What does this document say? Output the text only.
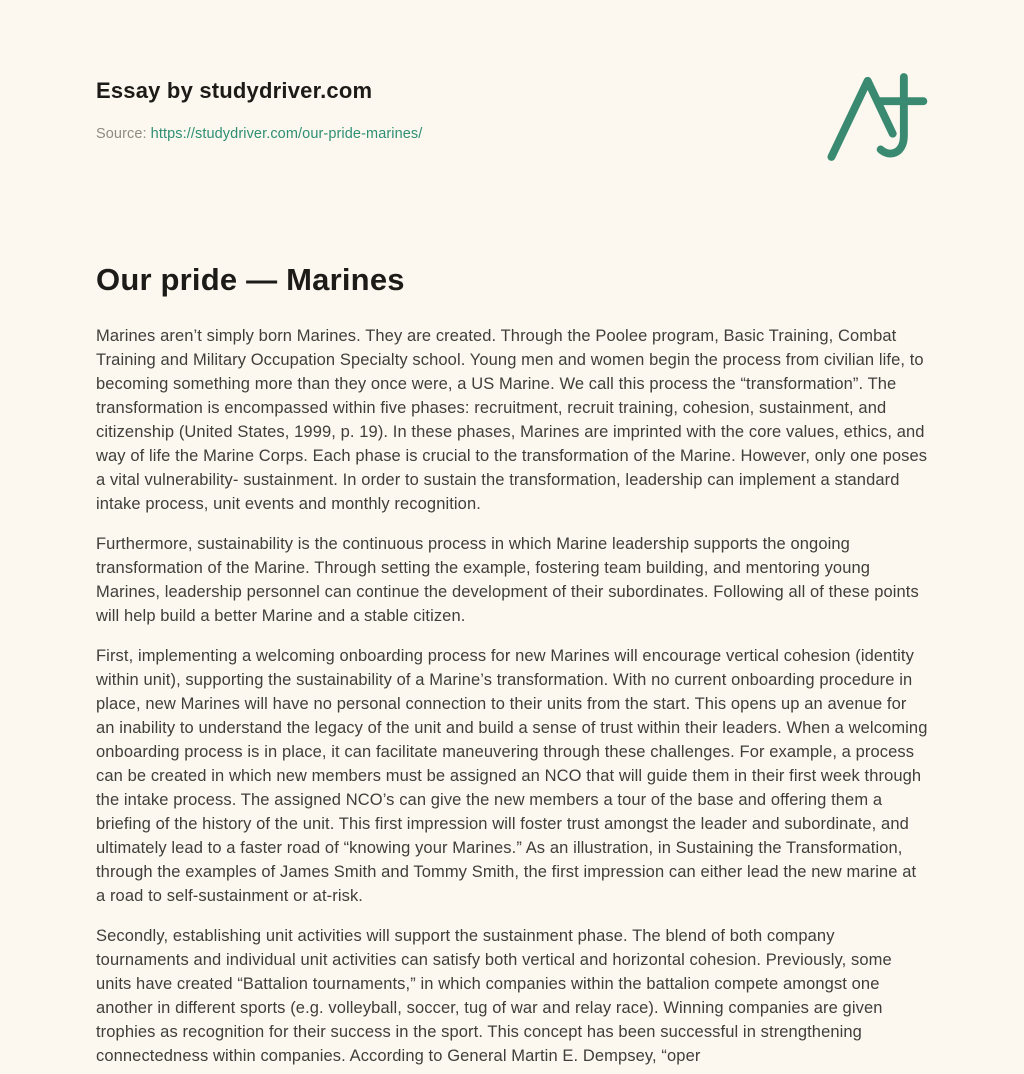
Essay by studydriver.com
Source: https://studydriver.com/our-pride-marines/
Our pride — Marines

Marines aren’t simply born Marines. They are created. Through the Poolee program, Basic Training, Combat Training and Military Occupation Specialty school. Young men and women begin the process from civilian life, to becoming something more than they once were, a US Marine. We call this process the “transformation”. The transformation is encompassed within five phases: recruitment, recruit training, cohesion, sustainment, and citizenship (United States, 1999, p. 19). In these phases, Marines are imprinted with the core values, ethics, and way of life the Marine Corps. Each phase is crucial to the transformation of the Marine. However, only one poses a vital vulnerability- sustainment. In order to sustain the transformation, leadership can implement a standard intake process, unit events and monthly recognition.

Furthermore, sustainability is the continuous process in which Marine leadership supports the ongoing transformation of the Marine. Through setting the example, fostering team building, and mentoring young Marines, leadership personnel can continue the development of their subordinates. Following all of these points will help build a better Marine and a stable citizen.

First, implementing a welcoming onboarding process for new Marines will encourage vertical cohesion (identity within unit), supporting the sustainability of a Marine’s transformation. With no current onboarding procedure in place, new Marines will have no personal connection to their units from the start. This opens up an avenue for an inability to understand the legacy of the unit and build a sense of trust within their leaders. When a welcoming onboarding process is in place, it can facilitate maneuvering through these challenges. For example, a process can be created in which new members must be assigned an NCO that will guide them in their first week through the intake process. The assigned NCO’s can give the new members a tour of the base and offering them a briefing of the history of the unit. This first impression will foster trust amongst the leader and subordinate, and ultimately lead to a faster road of “knowing your Marines.” As an illustration, in Sustaining the Transformation, through the examples of James Smith and Tommy Smith, the first impression can either lead the new marine at a road to self-sustainment or at-risk.

Secondly, establishing unit activities will support the sustainment phase. The blend of both company tournaments and individual unit activities can satisfy both vertical and horizontal cohesion. Previously, some units have created “Battalion tournaments,” in which companies within the battalion compete amongst one another in different sports (e.g. volleyball, soccer, tug of war and relay race). Winning companies are given trophies as recognition for their success in the sport. This concept has been successful in strengthening connectedness within companies. According to General Martin E. Dempsey, “oper
